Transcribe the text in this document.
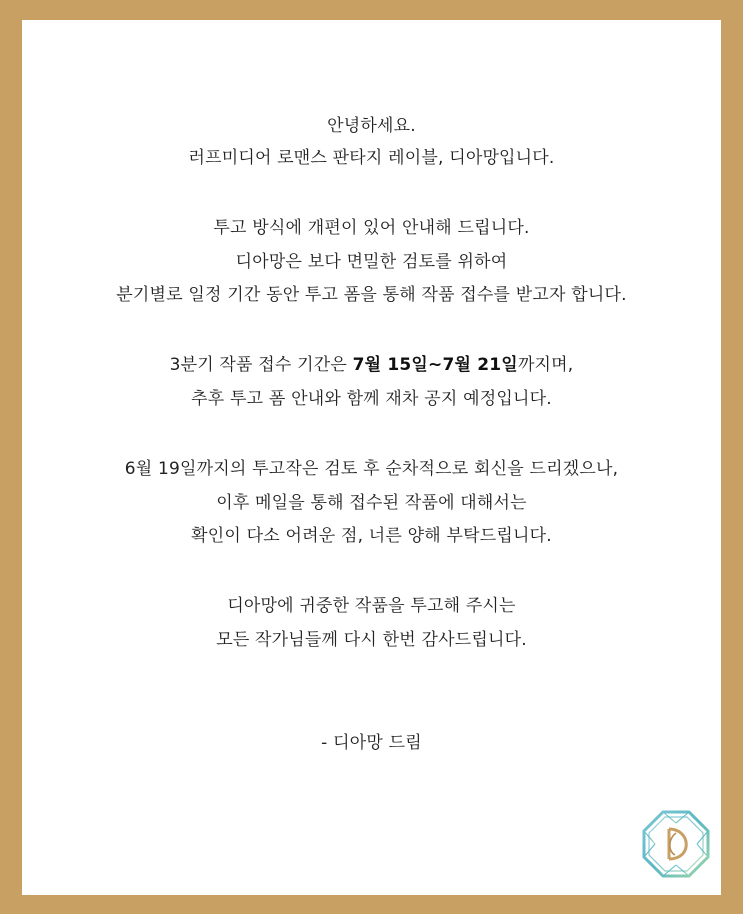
안녕하세요.
러프미디어 로맨스 판타지 레이블, 디아망입니다.
투고 방식에 개편이 있어 안내해 드립니다.
디아망은 보다 면밀한 검토를 위하여
분기별로 일정 기간 동안 투고 폼을 통해 작품 접수를 받고자 합니다.
3분기 작품 접수 기간은 7월 15일~7월 21일까지며,
추후 투고 폼 안내와 함께 재차 공지 예정입니다.
6월 19일까지의 투고작은 검토 후 순차적으로 회신을 드리겠으나,
이후 메일을 통해 접수된 작품에 대해서는
확인이 다소 어려운 점, 너른 양해 부탁드립니다.
디아망에 귀중한 작품을 투고해 주시는
모든 작가님들께 다시 한번 감사드립니다.
- 디아망 드림
